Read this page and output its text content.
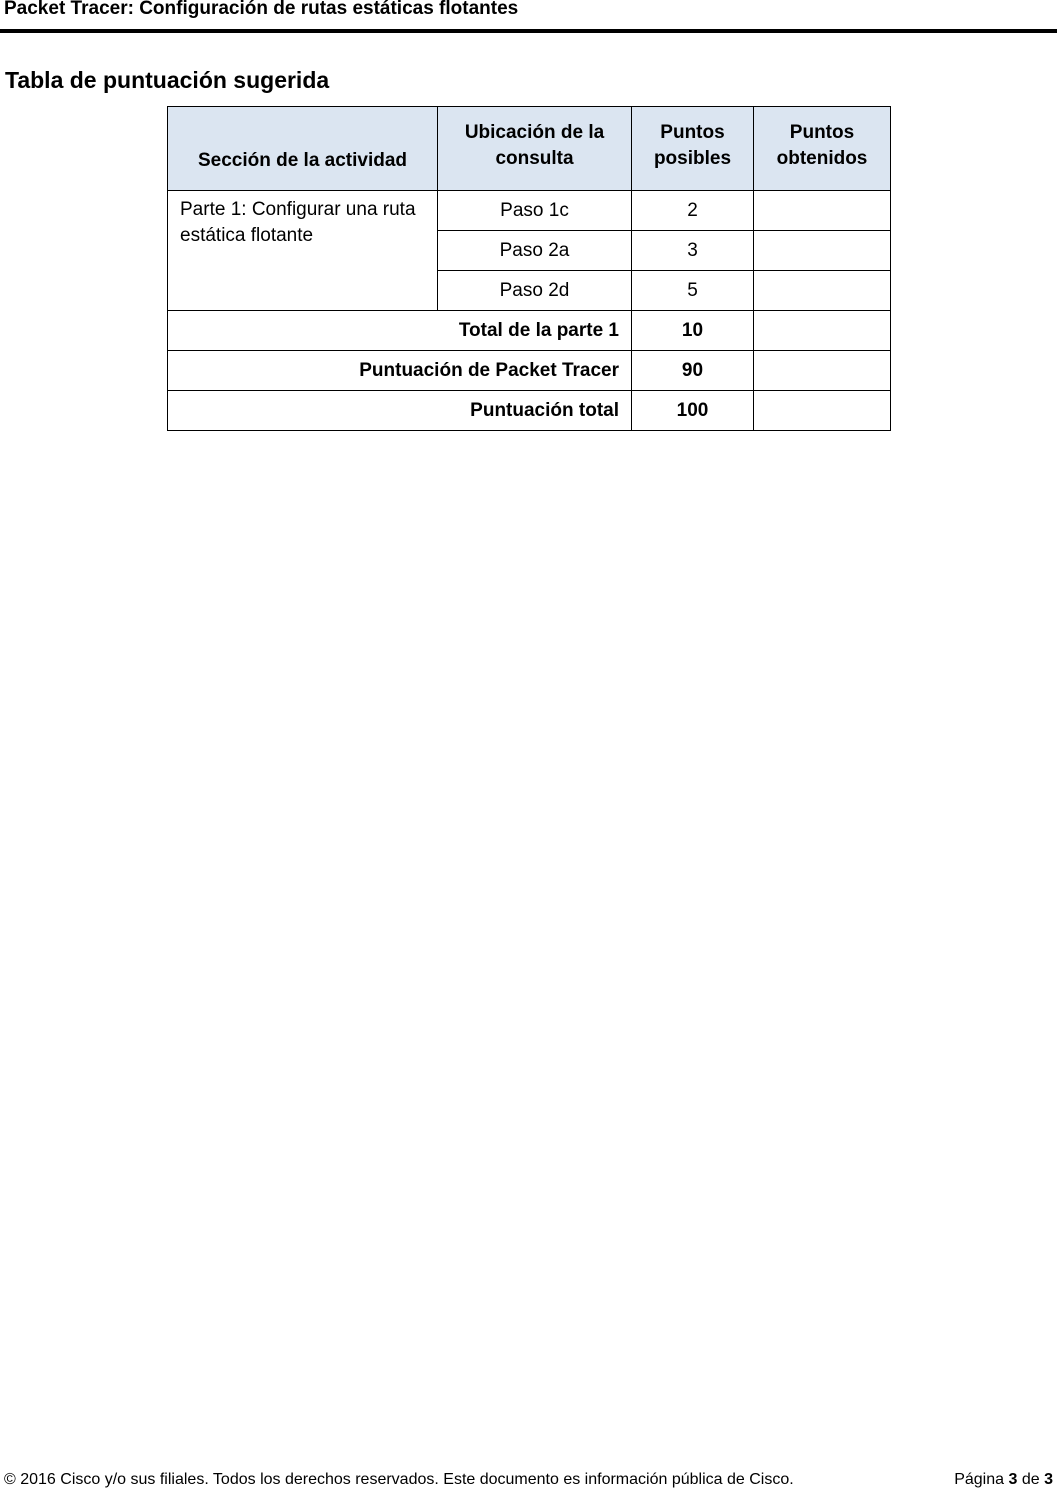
Packet Tracer: Configuración de rutas estáticas flotantes
Tabla de puntuación sugerida
Sección de la actividad	Ubicación de la consulta	Puntos posibles	Puntos obtenidos
Parte 1: Configurar una ruta estática flotante	Paso 1c	2	
	Paso 2a	3	
	Paso 2d	5	
Total de la parte 1		10	
Puntuación de Packet Tracer		90	
Puntuación total		100	
© 2016 Cisco y/o sus filiales. Todos los derechos reservados. Este documento es información pública de Cisco.	Página 3 de 3
